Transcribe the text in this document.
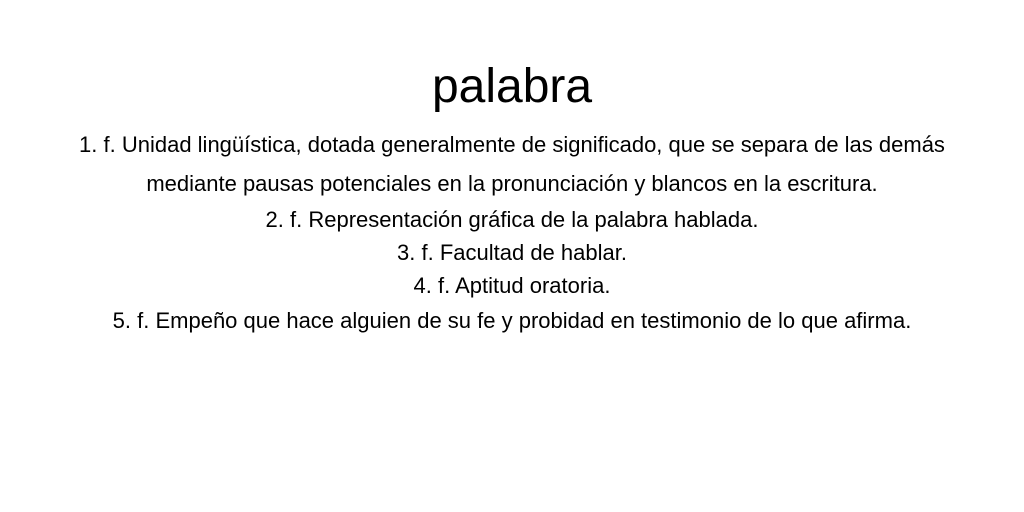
palabra
1. f. Unidad lingüística, dotada generalmente de significado, que se separa de las demás mediante pausas potenciales en la pronunciación y blancos en la escritura.
2. f. Representación gráfica de la palabra hablada.
3. f. Facultad de hablar.
4. f. Aptitud oratoria.
5. f. Empeño que hace alguien de su fe y probidad en testimonio de lo que afirma.
